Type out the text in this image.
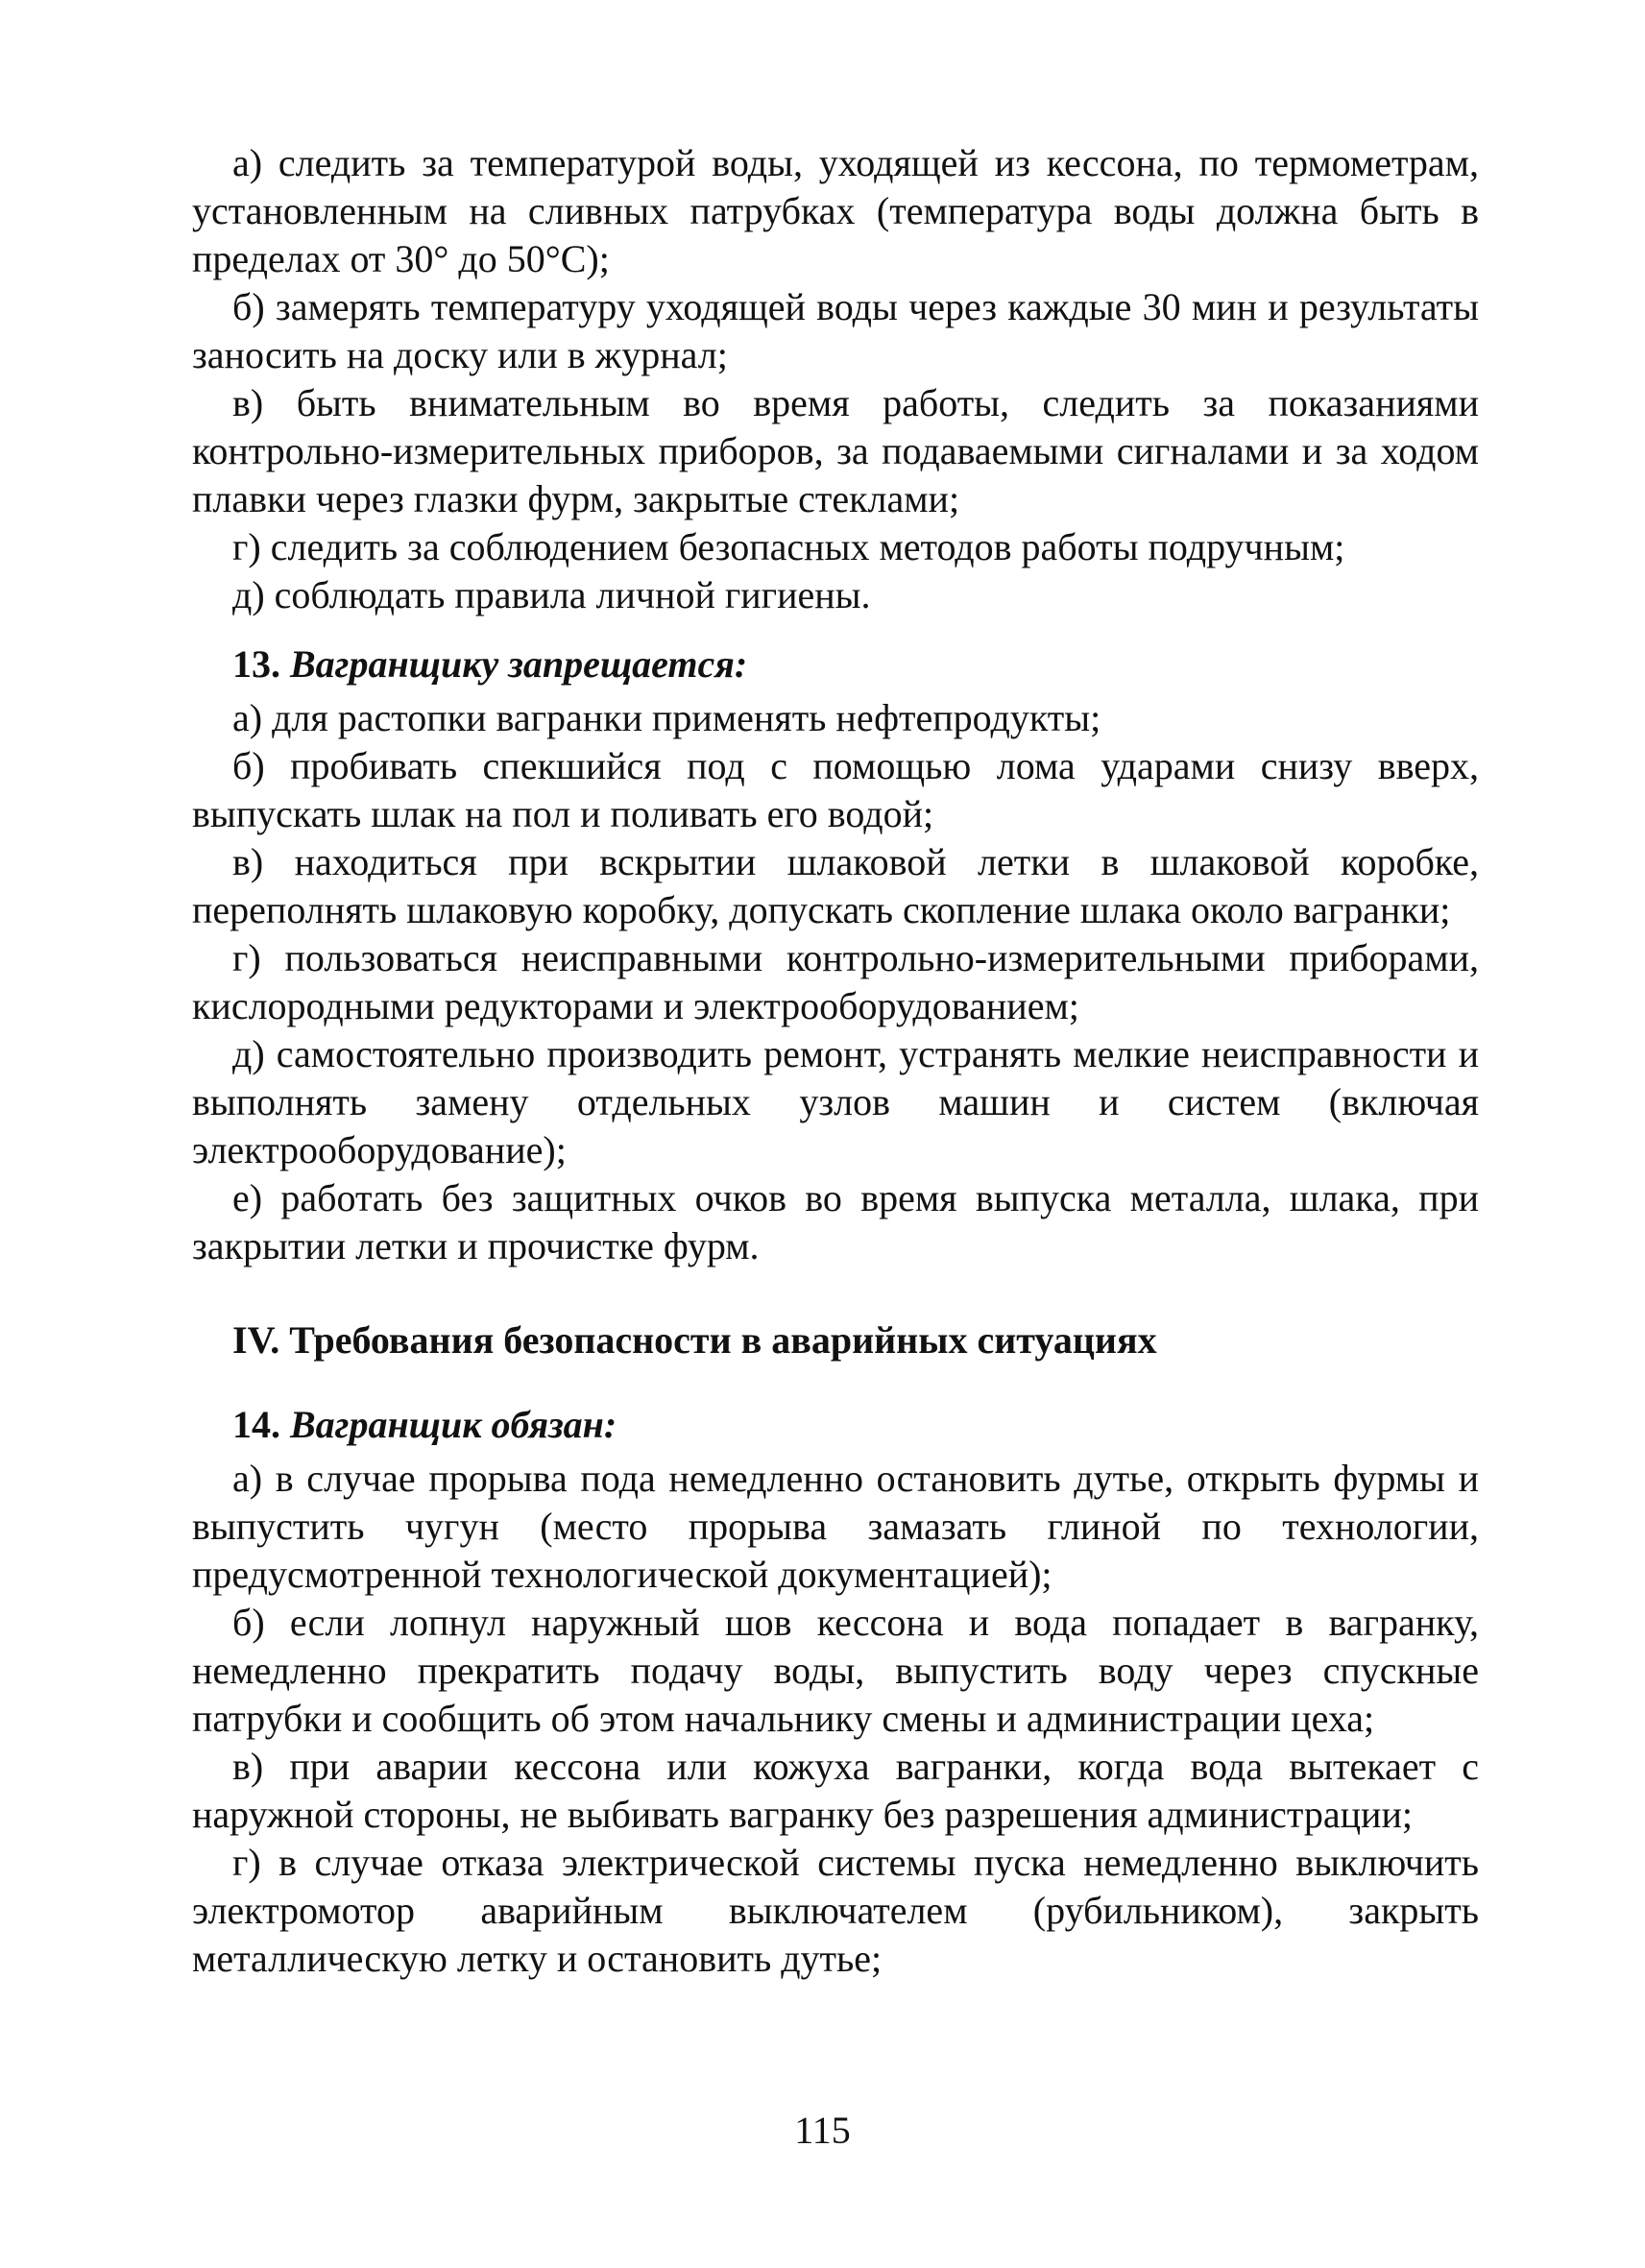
а) следить за температурой воды, уходящей из кессона, по термометрам, установленным на сливных патрубках (температура воды должна быть в пределах от 30° до 50°С);

б) замерять температуру уходящей воды через каждые 30 мин и результаты заносить на доску или в журнал;

в) быть внимательным во время работы, следить за показаниями контрольно-измерительных приборов, за подаваемыми сигналами и за ходом плавки через глазки фурм, закрытые стеклами;

г) следить за соблюдением безопасных методов работы подручным;

д) соблюдать правила личной гигиены.

13. Вагранщику запрещается:

а) для растопки вагранки применять нефтепродукты;

б) пробивать спекшийся под с помощью лома ударами снизу вверх, выпускать шлак на пол и поливать его водой;

в) находиться при вскрытии шлаковой летки в шлаковой коробке, переполнять шлаковую коробку, допускать скопление шлака около вагранки;

г) пользоваться неисправными контрольно-измерительными приборами, кислородными редукторами и электрооборудованием;

д) самостоятельно производить ремонт, устранять мелкие неисправности и выполнять замену отдельных узлов машин и систем (включая электрооборудование);

е) работать без защитных очков во время выпуска металла, шлака, при закрытии летки и прочистке фурм.

IV. Требования безопасности в аварийных ситуациях

14. Вагранщик обязан:

а) в случае прорыва пода немедленно остановить дутье, открыть фурмы и выпустить чугун (место прорыва замазать глиной по технологии, предусмотренной технологической документацией);

б) если лопнул наружный шов кессона и вода попадает в вагранку, немедленно прекратить подачу воды, выпустить воду через спускные патрубки и сообщить об этом начальнику смены и администрации цеха;

в) при аварии кессона или кожуха вагранки, когда вода вытекает с наружной стороны, не выбивать вагранку без разрешения администрации;

г) в случае отказа электрической системы пуска немедленно выключить электромотор аварийным выключателем (рубильником), закрыть металлическую летку и остановить дутье;

115
